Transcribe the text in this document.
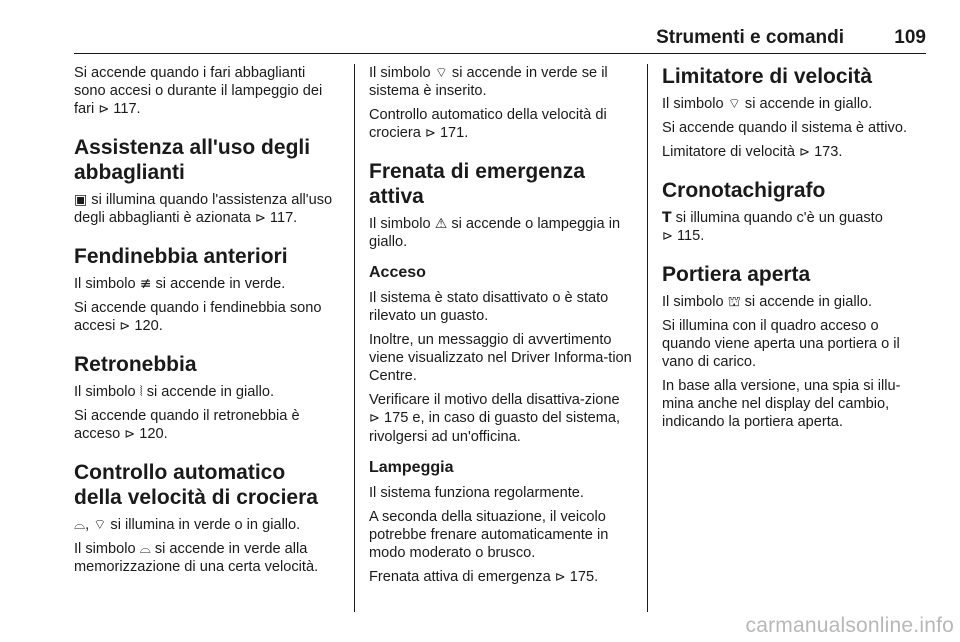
Strumenti e comandi	109

Si accende quando i fari abbaglianti sono accesi o durante il lampeggio dei fari ⊳ 117.

Assistenza all'uso degli abbaglianti

▣ si illumina quando l'assistenza all'uso degli abbaglianti è azionata ⊳ 117.

Fendinebbia anteriori

Il simbolo ≢ si accende in verde.

Si accende quando i fendinebbia sono accesi ⊳ 120.

Retronebbia

Il simbolo ⦚ si accende in giallo.

Si accende quando il retronebbia è acceso ⊳ 120.

Controllo automatico della velocità di crociera

⌓, ⌔ si illumina in verde o in giallo.

Il simbolo ⌓ si accende in verde alla memorizzazione di una certa velocità.

Il simbolo ⌔ si accende in verde se il sistema è inserito.

Controllo automatico della velocità di crociera ⊳ 171.

Frenata di emergenza attiva

Il simbolo ⚠ si accende o lampeggia in giallo.

Acceso

Il sistema è stato disattivato o è stato rilevato un guasto.

Inoltre, un messaggio di avvertimento viene visualizzato nel Driver Informa-tion Centre.

Verificare il motivo della disattiva-zione ⊳ 175 e, in caso di guasto del sistema, rivolgersi ad un'officina.

Lampeggia

Il sistema funziona regolarmente.

A seconda della situazione, il veicolo potrebbe frenare automaticamente in modo moderato o brusco.

Frenata attiva di emergenza ⊳ 175.

Limitatore di velocità

Il simbolo ⌔ si accende in giallo.

Si accende quando il sistema è attivo.

Limitatore di velocità ⊳ 173.

Cronotachigrafo

T si illumina quando c'è un guasto
⊳ 115.

Portiera aperta

Il simbolo ⛫ si accende in giallo.

Si illumina con il quadro acceso o quando viene aperta una portiera o il vano di carico.

In base alla versione, una spia si illu-mina anche nel display del cambio, indicando la portiera aperta.

carmanualsonline.info
